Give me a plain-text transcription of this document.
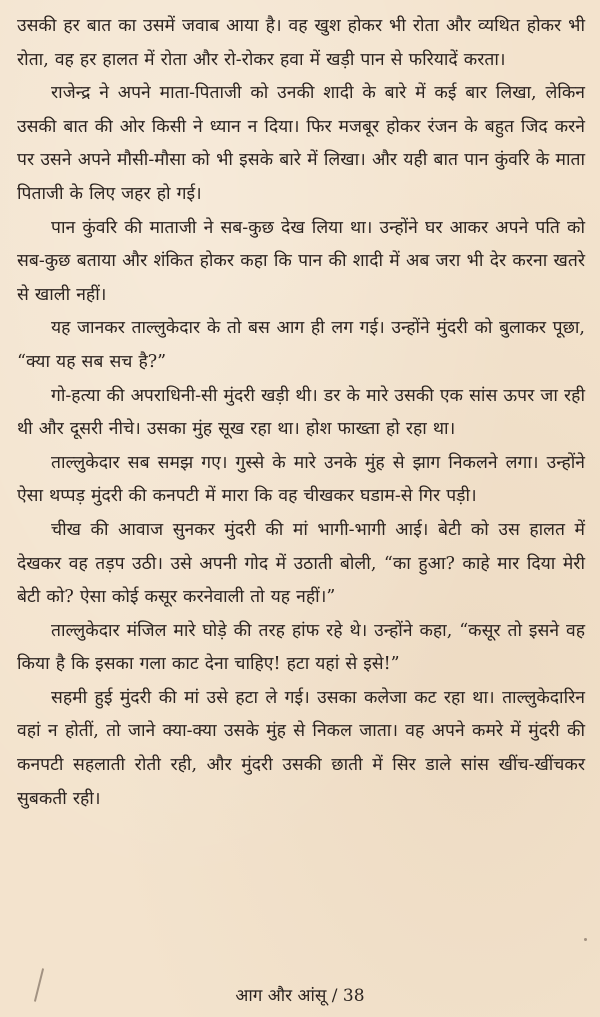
उसकी हर बात का उसमें जवाब आया है। वह खुश होकर भी रोता और व्यथित होकर भी रोता, वह हर हालत में रोता और रो-रोकर हवा में खड़ी पान से फरियादें करता।

राजेन्द्र ने अपने माता-पिताजी को उनकी शादी के बारे में कई बार लिखा, लेकिन उसकी बात की ओर किसी ने ध्यान न दिया। फिर मजबूर होकर रंजन के बहुत जिद करने पर उसने अपने मौसी-मौसा को भी इसके बारे में लिखा। और यही बात पान कुंवरि के माता पिताजी के लिए जहर हो गई।

पान कुंवरि की माताजी ने सब-कुछ देख लिया था। उन्होंने घर आकर अपने पति को सब-कुछ बताया और शंकित होकर कहा कि पान की शादी में अब जरा भी देर करना खतरे से खाली नहीं।

यह जानकर ताल्लुकेदार के तो बस आग ही लग गई। उन्होंने मुंदरी को बुलाकर पूछा, “क्या यह सब सच है?”

गो-हत्या की अपराधिनी-सी मुंदरी खड़ी थी। डर के मारे उसकी एक सांस ऊपर जा रही थी और दूसरी नीचे। उसका मुंह सूख रहा था। होश फाख्ता हो रहा था।

ताल्लुकेदार सब समझ गए। गुस्से के मारे उनके मुंह से झाग निकलने लगा। उन्होंने ऐसा थप्पड़ मुंदरी की कनपटी में मारा कि वह चीखकर घडाम-से गिर पड़ी।

चीख की आवाज सुनकर मुंदरी की मां भागी-भागी आई। बेटी को उस हालत में देखकर वह तड़प उठी। उसे अपनी गोद में उठाती बोली, “का हुआ? काहे मार दिया मेरी बेटी को? ऐसा कोई कसूर करनेवाली तो यह नहीं।”

ताल्लुकेदार मंजिल मारे घोड़े की तरह हांफ रहे थे। उन्होंने कहा, “कसूर तो इसने वह किया है कि इसका गला काट देना चाहिए! हटा यहां से इसे!”

सहमी हुई मुंदरी की मां उसे हटा ले गई। उसका कलेजा कट रहा था। ताल्लुकेदारिन वहां न होतीं, तो जाने क्या-क्या उसके मुंह से निकल जाता। वह अपने कमरे में मुंदरी की कनपटी सहलाती रोती रही, और मुंदरी उसकी छाती में सिर डाले सांस खींच-खींचकर सुबकती रही।

आग और आंसू / 38
